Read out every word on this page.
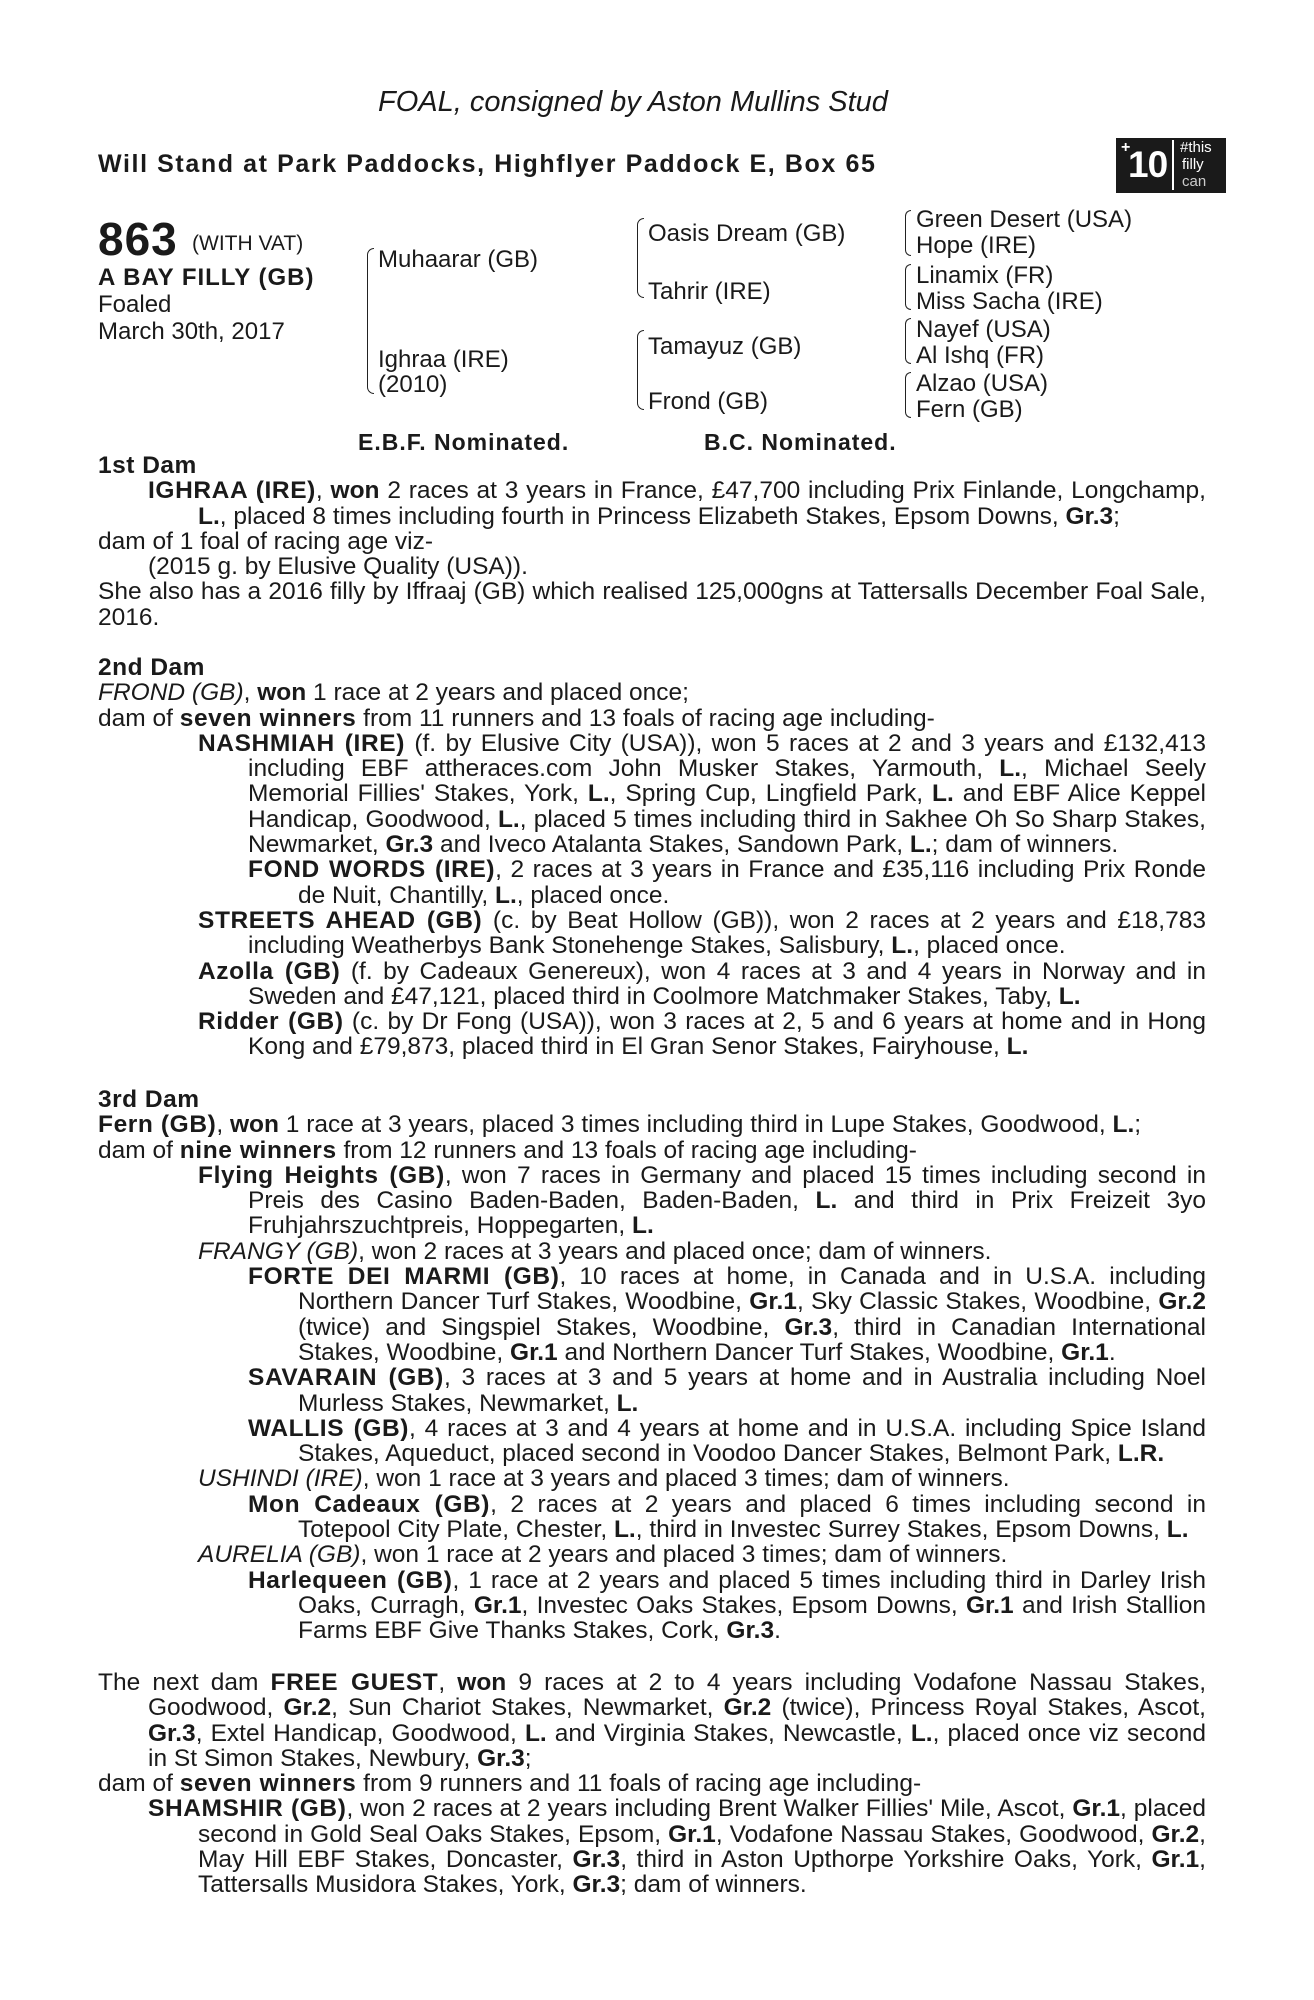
FOAL, consigned by Aston Mullins Stud
Will Stand at Park Paddocks, Highflyer Paddock E, Box 65
+
10 #this
filly
can
863 (WITH VAT)
A BAY FILLY (GB)
Foaled
March 30th, 2017
Muhaarar (GB)
Ighraa (IRE)
(2010)
Oasis Dream (GB)
Tahrir (IRE)
Tamayuz (GB)
Frond (GB)
Green Desert (USA)
Hope (IRE)
Linamix (FR)
Miss Sacha (IRE)
Nayef (USA)
Al Ishq (FR)
Alzao (USA)
Fern (GB)
E.B.F. Nominated.	B.C. Nominated.
1st Dam
IGHRAA (IRE), won 2 races at 3 years in France, £47,700 including Prix Finlande, Longchamp, L., placed 8 times including fourth in Princess Elizabeth Stakes, Epsom Downs, Gr.3;
dam of 1 foal of racing age viz-
(2015 g. by Elusive Quality (USA)).
She also has a 2016 filly by Iffraaj (GB) which realised 125,000gns at Tattersalls December Foal Sale, 2016.
2nd Dam
FROND (GB), won 1 race at 2 years and placed once;
dam of seven winners from 11 runners and 13 foals of racing age including-
NASHMIAH (IRE) (f. by Elusive City (USA)), won 5 races at 2 and 3 years and £132,413 including EBF attheraces.com John Musker Stakes, Yarmouth, L., Michael Seely Memorial Fillies' Stakes, York, L., Spring Cup, Lingfield Park, L. and EBF Alice Keppel Handicap, Goodwood, L., placed 5 times including third in Sakhee Oh So Sharp Stakes, Newmarket, Gr.3 and Iveco Atalanta Stakes, Sandown Park, L.; dam of winners.
FOND WORDS (IRE), 2 races at 3 years in France and £35,116 including Prix Ronde de Nuit, Chantilly, L., placed once.
STREETS AHEAD (GB) (c. by Beat Hollow (GB)), won 2 races at 2 years and £18,783 including Weatherbys Bank Stonehenge Stakes, Salisbury, L., placed once.
Azolla (GB) (f. by Cadeaux Genereux), won 4 races at 3 and 4 years in Norway and in Sweden and £47,121, placed third in Coolmore Matchmaker Stakes, Taby, L.
Ridder (GB) (c. by Dr Fong (USA)), won 3 races at 2, 5 and 6 years at home and in Hong Kong and £79,873, placed third in El Gran Senor Stakes, Fairyhouse, L.
3rd Dam
Fern (GB), won 1 race at 3 years, placed 3 times including third in Lupe Stakes, Goodwood, L.;
dam of nine winners from 12 runners and 13 foals of racing age including-
Flying Heights (GB), won 7 races in Germany and placed 15 times including second in Preis des Casino Baden-Baden, Baden-Baden, L. and third in Prix Freizeit 3yo Fruhjahrszuchtpreis, Hoppegarten, L.
FRANGY (GB), won 2 races at 3 years and placed once; dam of winners.
FORTE DEI MARMI (GB), 10 races at home, in Canada and in U.S.A. including Northern Dancer Turf Stakes, Woodbine, Gr.1, Sky Classic Stakes, Woodbine, Gr.2 (twice) and Singspiel Stakes, Woodbine, Gr.3, third in Canadian International Stakes, Woodbine, Gr.1 and Northern Dancer Turf Stakes, Woodbine, Gr.1.
SAVARAIN (GB), 3 races at 3 and 5 years at home and in Australia including Noel Murless Stakes, Newmarket, L.
WALLIS (GB), 4 races at 3 and 4 years at home and in U.S.A. including Spice Island Stakes, Aqueduct, placed second in Voodoo Dancer Stakes, Belmont Park, L.R.
USHINDI (IRE), won 1 race at 3 years and placed 3 times; dam of winners.
Mon Cadeaux (GB), 2 races at 2 years and placed 6 times including second in Totepool City Plate, Chester, L., third in Investec Surrey Stakes, Epsom Downs, L.
AURELIA (GB), won 1 race at 2 years and placed 3 times; dam of winners.
Harlequeen (GB), 1 race at 2 years and placed 5 times including third in Darley Irish Oaks, Curragh, Gr.1, Investec Oaks Stakes, Epsom Downs, Gr.1 and Irish Stallion Farms EBF Give Thanks Stakes, Cork, Gr.3.
The next dam FREE GUEST, won 9 races at 2 to 4 years including Vodafone Nassau Stakes, Goodwood, Gr.2, Sun Chariot Stakes, Newmarket, Gr.2 (twice), Princess Royal Stakes, Ascot, Gr.3, Extel Handicap, Goodwood, L. and Virginia Stakes, Newcastle, L., placed once viz second in St Simon Stakes, Newbury, Gr.3;
dam of seven winners from 9 runners and 11 foals of racing age including-
SHAMSHIR (GB), won 2 races at 2 years including Brent Walker Fillies' Mile, Ascot, Gr.1, placed second in Gold Seal Oaks Stakes, Epsom, Gr.1, Vodafone Nassau Stakes, Goodwood, Gr.2, May Hill EBF Stakes, Doncaster, Gr.3, third in Aston Upthorpe Yorkshire Oaks, York, Gr.1, Tattersalls Musidora Stakes, York, Gr.3; dam of winners.
